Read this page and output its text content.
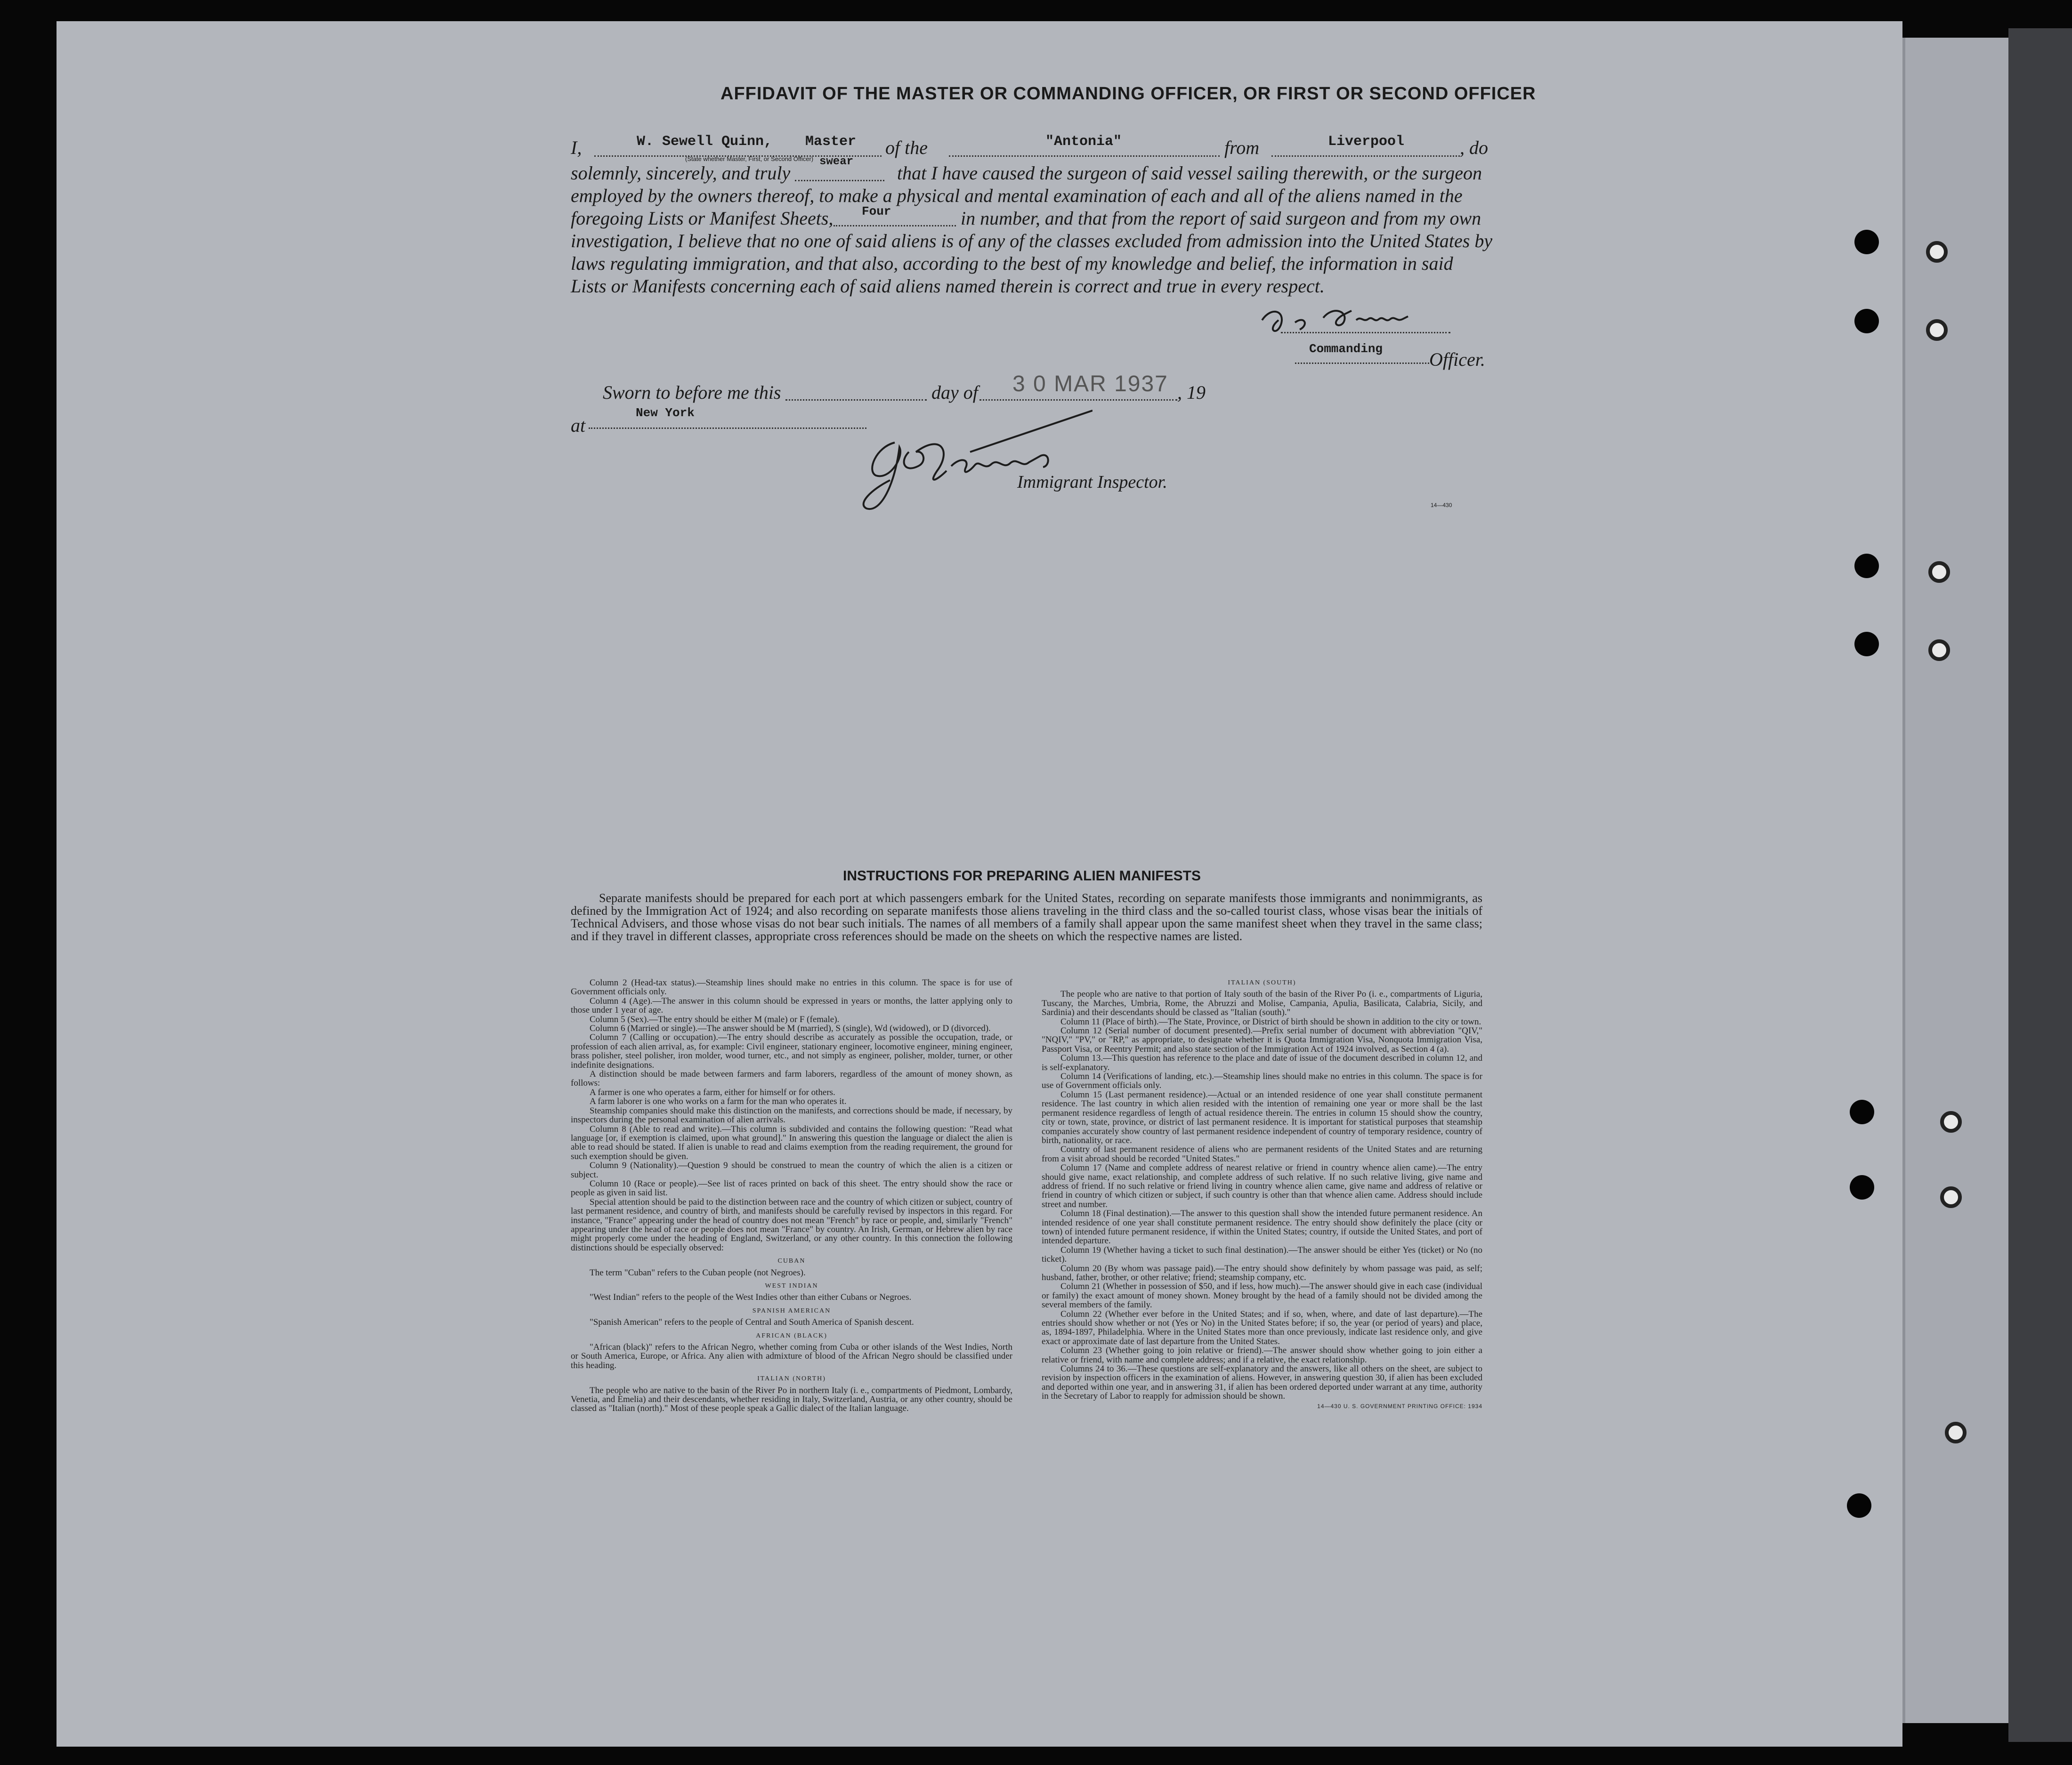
AFFIDAVIT OF THE MASTER OR COMMANDING OFFICER, OR FIRST OR SECOND OFFICER
I,	W. Sewell Quinn, Master
(State whether Master, First, or Second Officer)
of the	"Antonia"	from	Liverpool	, do
solemnly, sincerely, and truly
swear
that I have caused the surgeon of said vessel sailing therewith, or the surgeon
employed by the owners thereof, to make a physical and mental examination of each and all of the aliens named in the
foregoing Lists or Manifest Sheets, Four	in number, and that from the report of said surgeon and from my own
investigation, I believe that no one of said aliens is of any of the classes excluded from admission into the United States by
laws regulating immigration, and that also, according to the best of my knowledge and belief, the information in said
Lists or Manifests concerning each of said aliens named therein is correct and true in every respect.
Commanding Officer.
Sworn to before me this	day of 3 0 MAR 1937 , 19
at
New York
Immigrant Inspector.
14—430
INSTRUCTIONS FOR PREPARING ALIEN MANIFESTS
Separate manifests should be prepared for each port at which passengers embark for the United States, recording on separate manifests those immigrants and nonimmigrants, as defined by the Immigration Act of 1924; and also recording on separate manifests those aliens traveling in the third class and the so-called tourist class, whose visas bear the initials of Technical Advisers, and those whose visas do not bear such initials. The names of all members of a family shall appear upon the same manifest sheet when they travel in the same class; and if they travel in different classes, appropriate cross references should be made on the sheets on which the respective names are listed.

Column 2 (Head-tax status).—Steamship lines should make no entries in this column. The space is for use of Government officials only.

Column 4 (Age).—The answer in this column should be expressed in years or months, the latter applying only to those under 1 year of age.

Column 5 (Sex).—The entry should be either M (male) or F (female).

Column 6 (Married or single).—The answer should be M (married), S (single), Wd (widowed), or D (divorced).

Column 7 (Calling or occupation).—The entry should describe as accurately as possible the occupation, trade, or profession of each alien arrival, as, for example: Civil engineer, stationary engineer, locomotive engineer, mining engineer, brass polisher, steel polisher, iron molder, wood turner, etc., and not simply as engineer, polisher, molder, turner, or other indefinite designations.

A distinction should be made between farmers and farm laborers, regardless of the amount of money shown, as follows:

A farmer is one who operates a farm, either for himself or for others.

A farm laborer is one who works on a farm for the man who operates it.

Steamship companies should make this distinction on the manifests, and corrections should be made, if necessary, by inspectors during the personal examination of alien arrivals.

Column 8 (Able to read and write).—This column is subdivided and contains the following question: "Read what language [or, if exemption is claimed, upon what ground]." In answering this question the language or dialect the alien is able to read should be stated. If alien is unable to read and claims exemption from the reading requirement, the ground for such exemption should be given.

Column 9 (Nationality).—Question 9 should be construed to mean the country of which the alien is a citizen or subject.

Column 10 (Race or people).—See list of races printed on back of this sheet. The entry should show the race or people as given in said list.

Special attention should be paid to the distinction between race and the country of which citizen or subject, country of last permanent residence, and country of birth, and manifests should be carefully revised by inspectors in this regard. For instance, "France" appearing under the head of country does not mean "French" by race or people, and, similarly "French" appearing under the head of race or people does not mean "France" by country. An Irish, German, or Hebrew alien by race might properly come under the heading of England, Switzerland, or any other country. In this connection the following distinctions should be especially observed:

CUBAN

The term "Cuban" refers to the Cuban people (not Negroes).

WEST INDIAN

"West Indian" refers to the people of the West Indies other than either Cubans or Negroes.

SPANISH AMERICAN

"Spanish American" refers to the people of Central and South America of Spanish descent.

AFRICAN (BLACK)

"African (black)" refers to the African Negro, whether coming from Cuba or other islands of the West Indies, North or South America, Europe, or Africa. Any alien with admixture of blood of the African Negro should be classified under this heading.

ITALIAN (NORTH)

The people who are native to the basin of the River Po in northern Italy (i. e., compartments of Piedmont, Lombardy, Venetia, and Emelia) and their descendants, whether residing in Italy, Switzerland, Austria, or any other country, should be classed as "Italian (north)." Most of these people speak a Gallic dialect of the Italian language.

ITALIAN (SOUTH)

The people who are native to that portion of Italy south of the basin of the River Po (i. e., compartments of Liguria, Tuscany, the Marches, Umbria, Rome, the Abruzzi and Molise, Campania, Apulia, Basilicata, Calabria, Sicily, and Sardinia) and their descendants should be classed as "Italian (south)."

Column 11 (Place of birth).—The State, Province, or District of birth should be shown in addition to the city or town.

Column 12 (Serial number of document presented).—Prefix serial number of document with abbreviation "QIV," "NQIV," "PV," or "RP," as appropriate, to designate whether it is Quota Immigration Visa, Nonquota Immigration Visa, Passport Visa, or Reentry Permit; and also state section of the Immigration Act of 1924 involved, as Section 4 (a).

Column 13.—This question has reference to the place and date of issue of the document described in column 12, and is self-explanatory.

Column 14 (Verifications of landing, etc.).—Steamship lines should make no entries in this column. The space is for use of Government officials only.

Column 15 (Last permanent residence).—Actual or an intended residence of one year shall constitute permanent residence. The last country in which alien resided with the intention of remaining one year or more shall be the last permanent residence regardless of length of actual residence therein. The entries in column 15 should show the country, city or town, state, province, or district of last permanent residence. It is important for statistical purposes that steamship companies accurately show country of last permanent residence independent of country of temporary residence, country of birth, nationality, or race.

Country of last permanent residence of aliens who are permanent residents of the United States and are returning from a visit abroad should be recorded "United States."

Column 17 (Name and complete address of nearest relative or friend in country whence alien came).—The entry should give name, exact relationship, and complete address of such relative. If no such relative living, give name and address of friend. If no such relative or friend living in country whence alien came, give name and address of relative or friend in country of which citizen or subject, if such country is other than that whence alien came. Address should include street and number.

Column 18 (Final destination).—The answer to this question shall show the intended future permanent residence. An intended residence of one year shall constitute permanent residence. The entry should show definitely the place (city or town) of intended future permanent residence, if within the United States; country, if outside the United States, and port of intended departure.

Column 19 (Whether having a ticket to such final destination).—The answer should be either Yes (ticket) or No (no ticket).

Column 20 (By whom was passage paid).—The entry should show definitely by whom passage was paid, as self; husband, father, brother, or other relative; friend; steamship company, etc.

Column 21 (Whether in possession of $50, and if less, how much).—The answer should give in each case (individual or family) the exact amount of money shown. Money brought by the head of a family should not be divided among the several members of the family.

Column 22 (Whether ever before in the United States; and if so, when, where, and date of last departure).—The entries should show whether or not (Yes or No) in the United States before; if so, the year (or period of years) and place, as, 1894-1897, Philadelphia. Where in the United States more than once previously, indicate last residence only, and give exact or approximate date of last departure from the United States.

Column 23 (Whether going to join relative or friend).—The answer should show whether going to join either a relative or friend, with name and complete address; and if a relative, the exact relationship.

Columns 24 to 36.—These questions are self-explanatory and the answers, like all others on the sheet, are subject to revision by inspection officers in the examination of aliens. However, in answering question 30, if alien has been excluded and deported within one year, and in answering 31, if alien has been ordered deported under warrant at any time, authority in the Secretary of Labor to reapply for admission should be shown.

14—430 U. S. GOVERNMENT PRINTING OFFICE: 1934
